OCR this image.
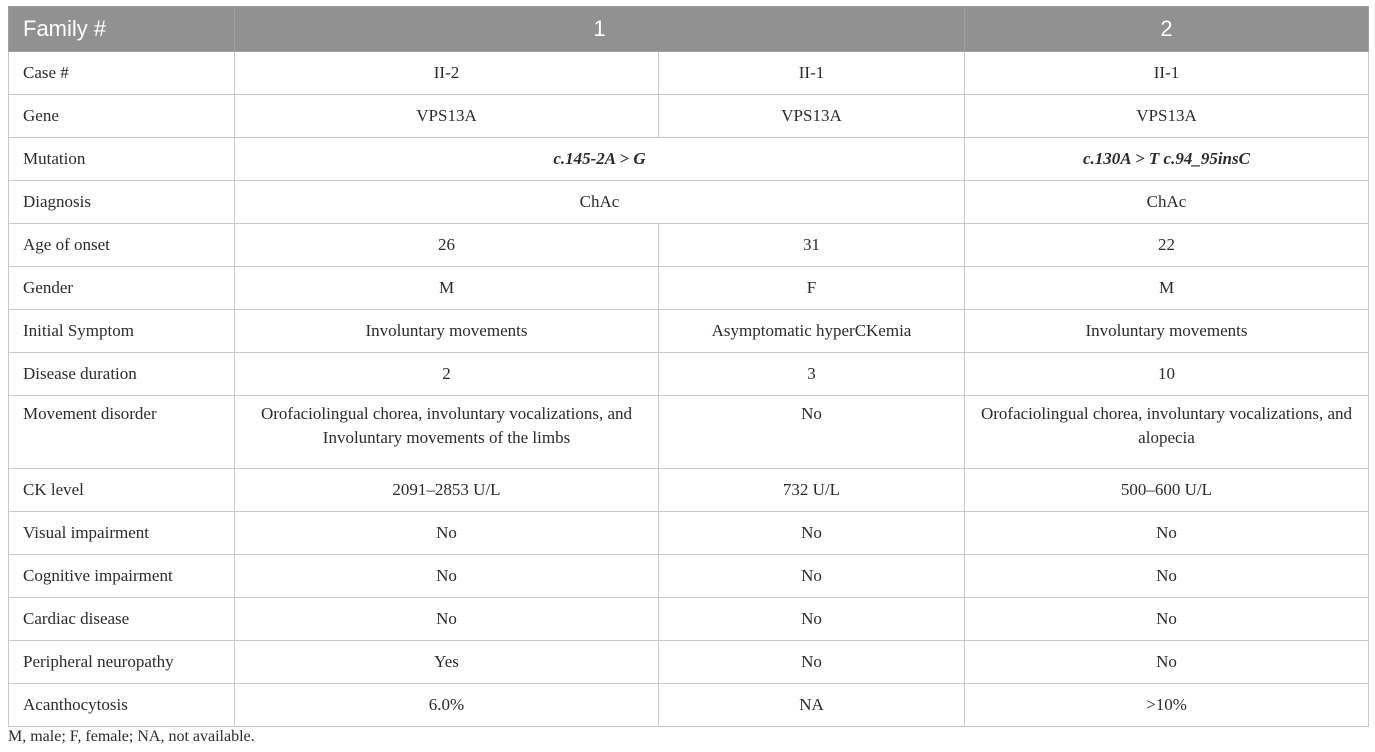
Family #	1		2
Case #	II-2	II-1	II-1
Gene	VPS13A	VPS13A	VPS13A
Mutation	c.145-2A > G		c.130A > T c.94_95insC
Diagnosis	ChAc		ChAc
Age of onset	26	31	22
Gender	M	F	M
Initial Symptom	Involuntary movements	Asymptomatic hyperCKemia	Involuntary movements
Disease duration	2	3	10
Movement disorder	Orofaciolingual chorea, involuntary vocalizations, and Involuntary movements of the limbs	No	Orofaciolingual chorea, involuntary vocalizations, and alopecia
CK level	2091–2853 U/L	732 U/L	500–600 U/L
Visual impairment	No	No	No
Cognitive impairment	No	No	No
Cardiac disease	No	No	No
Peripheral neuropathy	Yes	No	No
Acanthocytosis	6.0%	NA	>10%
M, male; F, female; NA, not available.
